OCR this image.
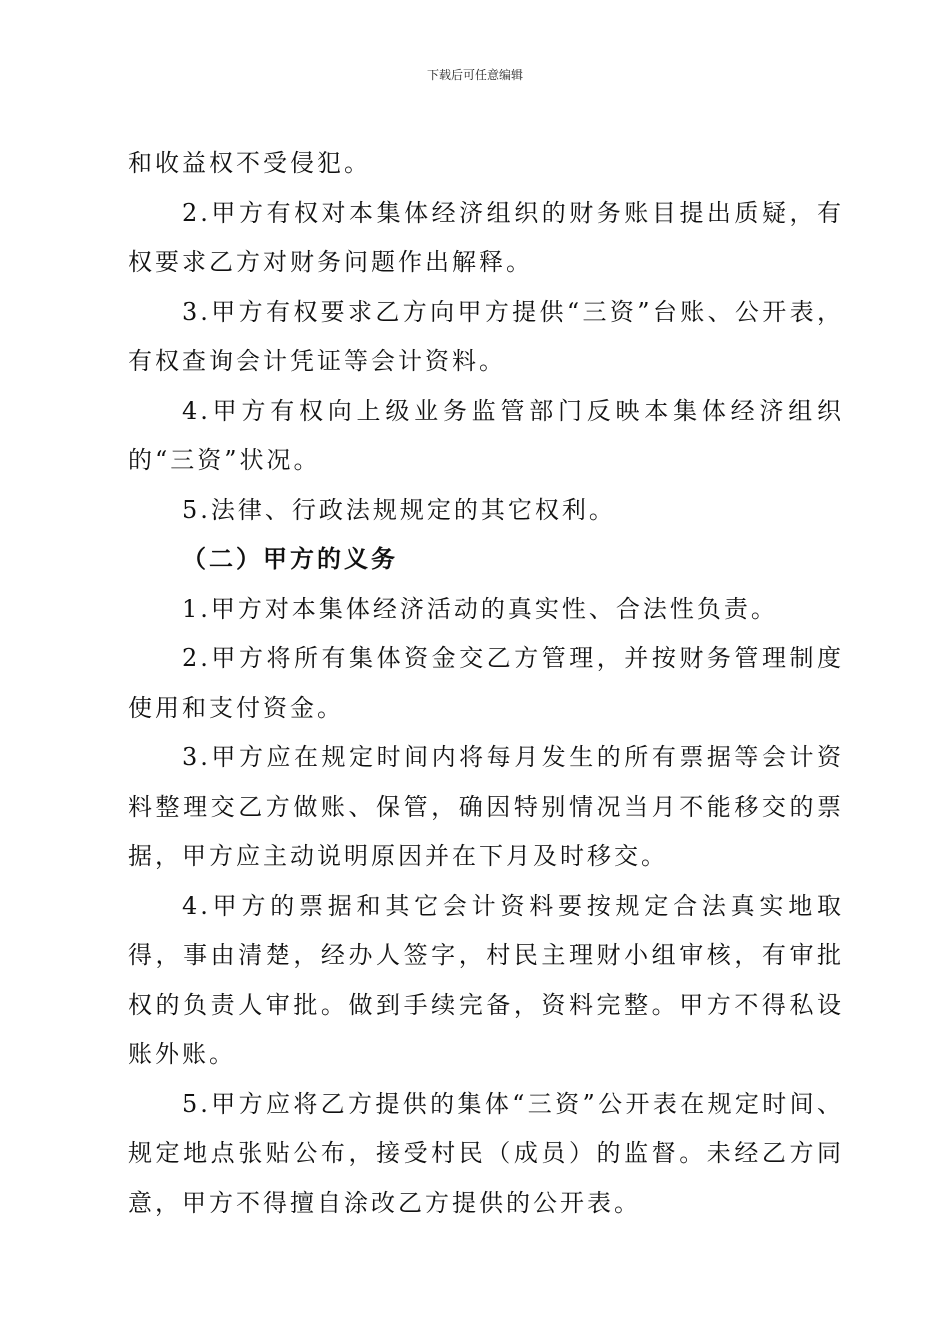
下载后可任意编辑

和收益权不受侵犯。

2.甲方有权对本集体经济组织的财务账目提出质疑，有权要求乙方对财务问题作出解释。

3.甲方有权要求乙方向甲方提供“三资”台账、公开表，有权查询会计凭证等会计资料。

4.甲方有权向上级业务监管部门反映本集体经济组织的“三资”状况。

5.法律、行政法规规定的其它权利。

（二）甲方的义务

1.甲方对本集体经济活动的真实性、合法性负责。

2.甲方将所有集体资金交乙方管理，并按财务管理制度使用和支付资金。

3.甲方应在规定时间内将每月发生的所有票据等会计资料整理交乙方做账、保管，确因特别情况当月不能移交的票据，甲方应主动说明原因并在下月及时移交。

4.甲方的票据和其它会计资料要按规定合法真实地取得，事由清楚，经办人签字，村民主理财小组审核，有审批权的负责人审批。做到手续完备，资料完整。甲方不得私设账外账。

5.甲方应将乙方提供的集体“三资”公开表在规定时间、规定地点张贴公布，接受村民（成员）的监督。未经乙方同意，甲方不得擅自涂改乙方提供的公开表。
